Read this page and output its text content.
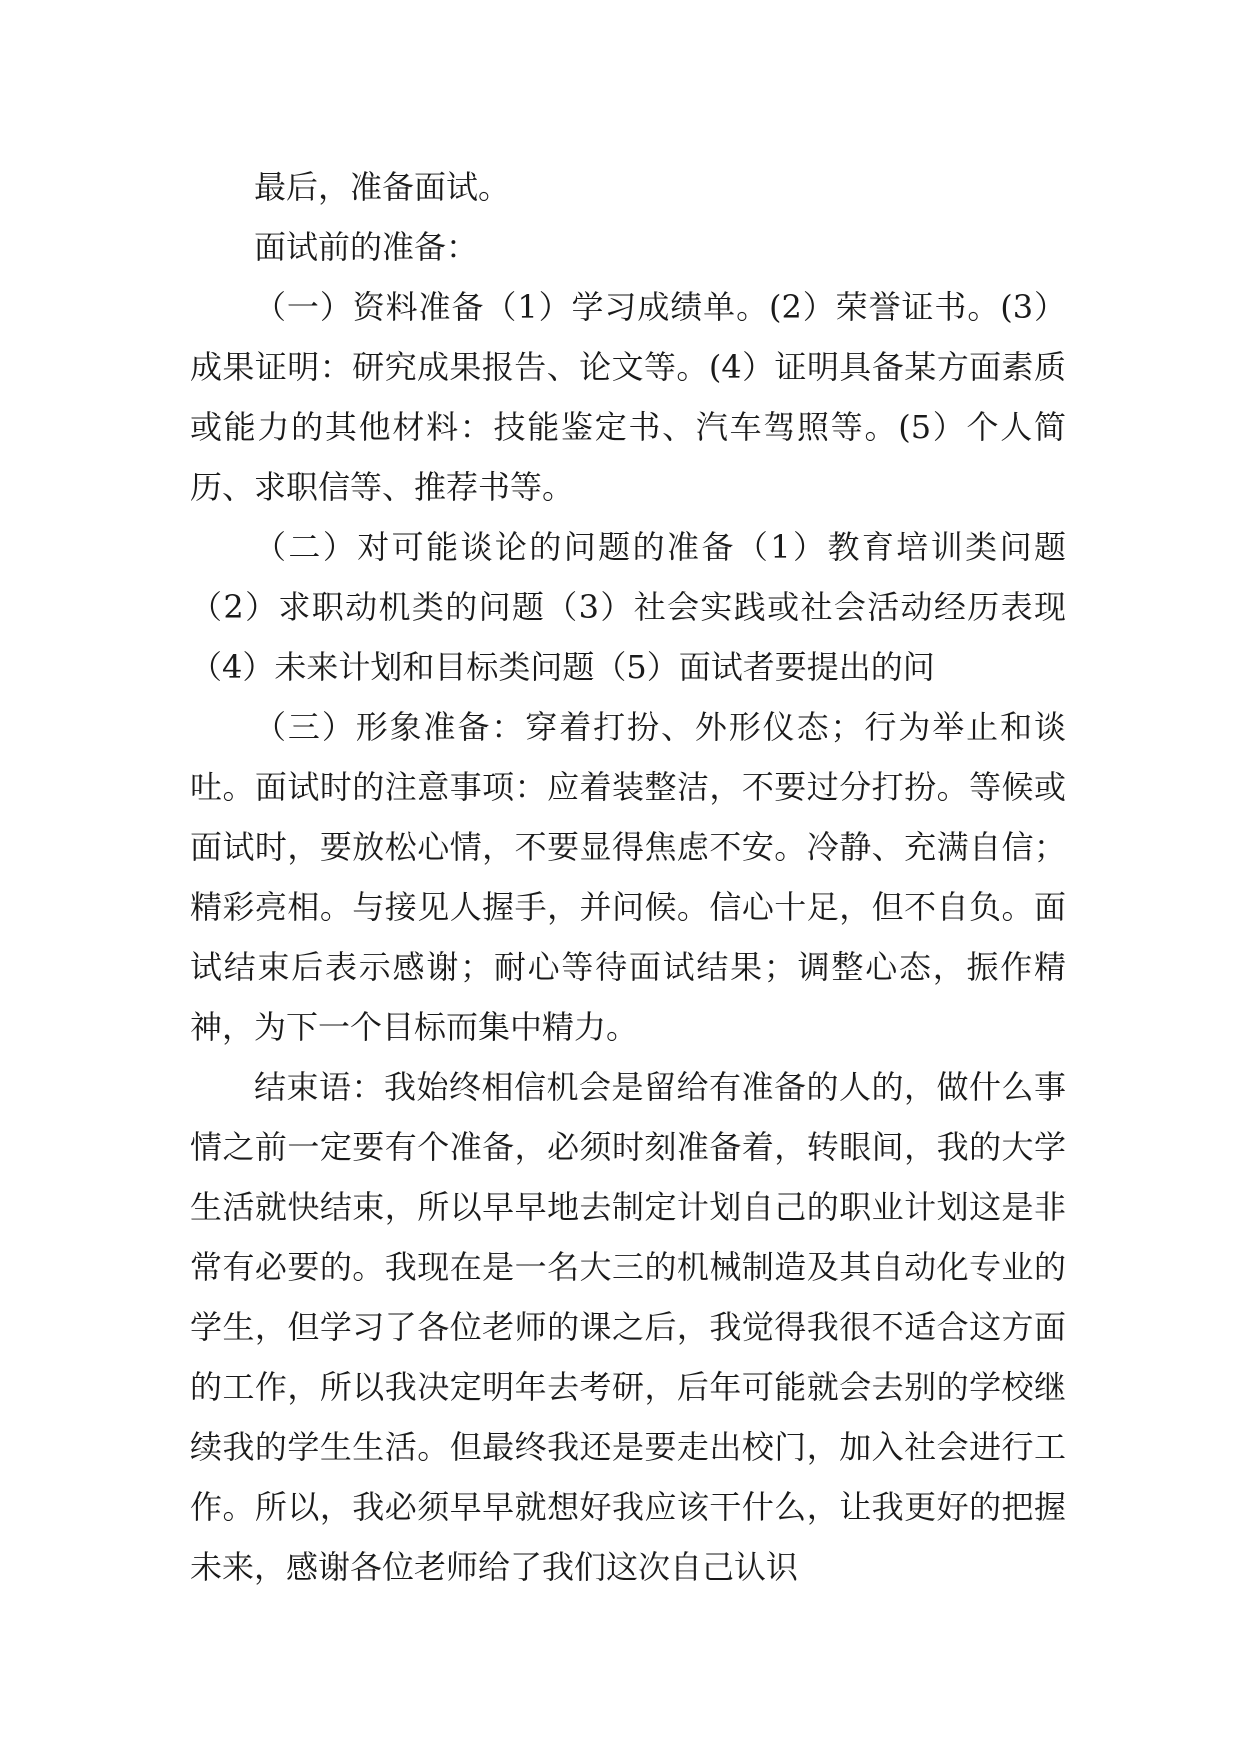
最后，准备面试。

面试前的准备：

（一）资料准备（1）学习成绩单。(2）荣誉证书。(3）成果证明：研究成果报告、论文等。(4）证明具备某方面素质或能力的其他材料：技能鉴定书、汽车驾照等。(5）个人简历、求职信等、推荐书等。

（二）对可能谈论的问题的准备（1）教育培训类问题（2）求职动机类的问题（3）社会实践或社会活动经历表现（4）未来计划和目标类问题（5）面试者要提出的问

（三）形象准备：穿着打扮、外形仪态；行为举止和谈吐。面试时的注意事项：应着装整洁，不要过分打扮。等候或面试时，要放松心情，不要显得焦虑不安。冷静、充满自信；精彩亮相。与接见人握手，并问候。信心十足，但不自负。面试结束后表示感谢；耐心等待面试结果；调整心态，振作精神，为下一个目标而集中精力。

结束语：我始终相信机会是留给有准备的人的，做什么事情之前一定要有个准备，必须时刻准备着，转眼间，我的大学生活就快结束，所以早早地去制定计划自己的职业计划这是非常有必要的。我现在是一名大三的机械制造及其自动化专业的学生，但学习了各位老师的课之后，我觉得我很不适合这方面的工作，所以我决定明年去考研，后年可能就会去别的学校继续我的学生生活。但最终我还是要走出校门，加入社会进行工作。所以，我必须早早就想好我应该干什么，让我更好的把握未来，感谢各位老师给了我们这次自己认识
